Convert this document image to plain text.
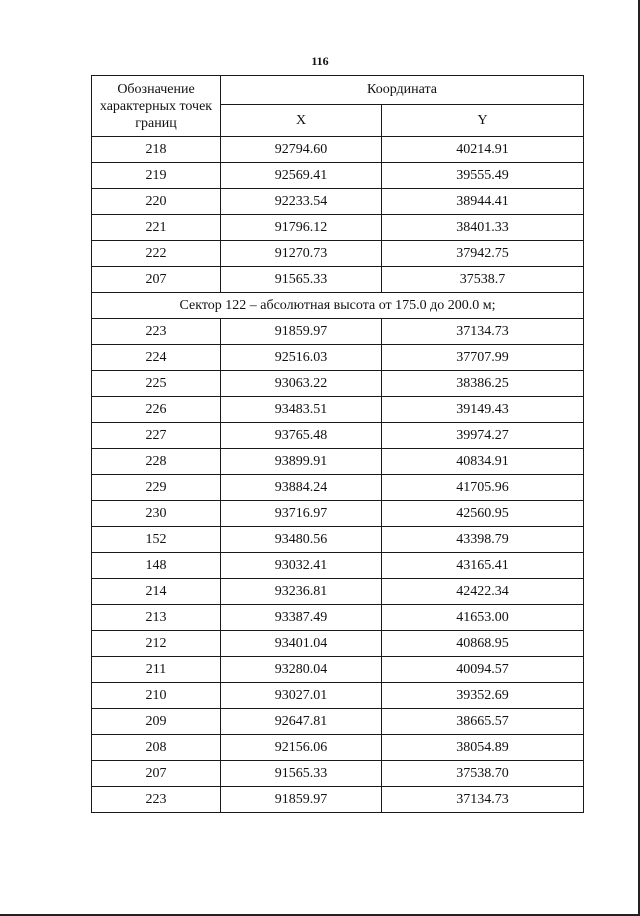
116
Обозначение характерных точек границ	Координата	
	X	Y
218	92794.60	40214.91
219	92569.41	39555.49
220	92233.54	38944.41
221	91796.12	38401.33
222	91270.73	37942.75
207	91565.33	37538.7
Сектор 122 – абсолютная высота от 175.0 до 200.0 м;		
223	91859.97	37134.73
224	92516.03	37707.99
225	93063.22	38386.25
226	93483.51	39149.43
227	93765.48	39974.27
228	93899.91	40834.91
229	93884.24	41705.96
230	93716.97	42560.95
152	93480.56	43398.79
148	93032.41	43165.41
214	93236.81	42422.34
213	93387.49	41653.00
212	93401.04	40868.95
211	93280.04	40094.57
210	93027.01	39352.69
209	92647.81	38665.57
208	92156.06	38054.89
207	91565.33	37538.70
223	91859.97	37134.73
